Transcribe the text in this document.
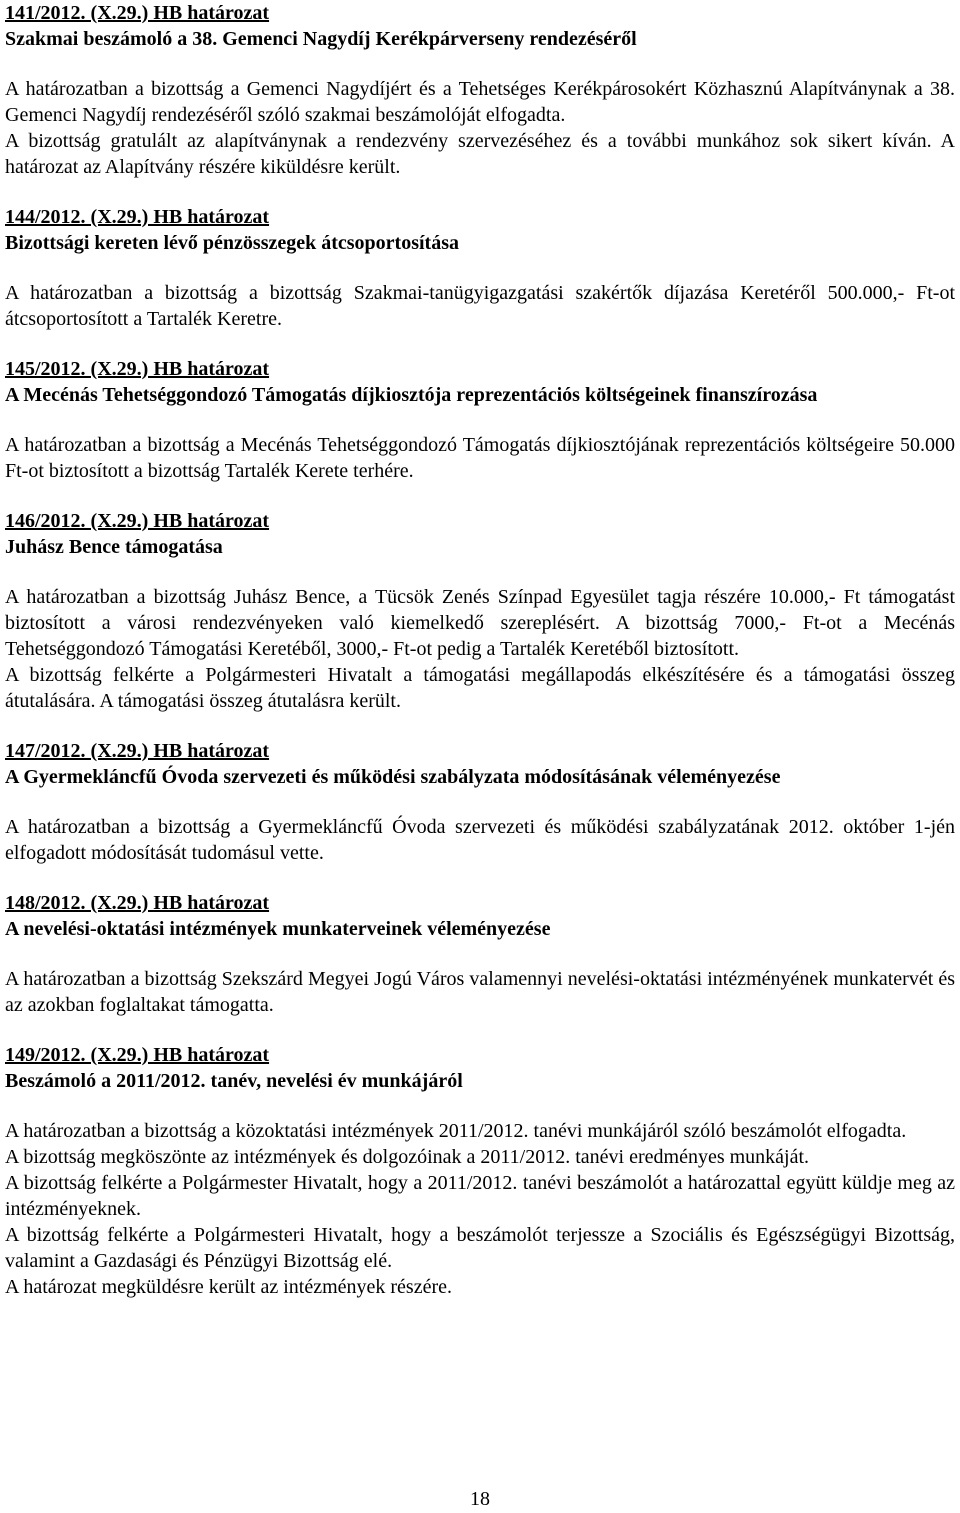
141/2012. (X.29.) HB határozat

Szakmai beszámoló a 38. Gemenci Nagydíj Kerékpárverseny rendezéséről

A határozatban a bizottság a Gemenci Nagydíjért és a Tehetséges Kerékpárosokért Közhasznú Alapítványnak a 38. Gemenci Nagydíj rendezéséről szóló szakmai beszámolóját elfogadta.

A bizottság gratulált az alapítványnak a rendezvény szervezéséhez és a további munkához sok sikert kíván. A határozat az Alapítvány részére kiküldésre került.

144/2012. (X.29.) HB határozat

Bizottsági kereten lévő pénzösszegek átcsoportosítása

A határozatban a bizottság a bizottság Szakmai-tanügyigazgatási szakértők díjazása Keretéről 500.000,- Ft-ot átcsoportosított a Tartalék Keretre.

145/2012. (X.29.) HB határozat

A Mecénás Tehetséggondozó Támogatás díjkiosztója reprezentációs költségeinek finanszírozása

A határozatban a bizottság a Mecénás Tehetséggondozó Támogatás díjkiosztójának reprezentációs költségeire 50.000 Ft-ot biztosított a bizottság Tartalék Kerete terhére.

146/2012. (X.29.) HB határozat

Juhász Bence támogatása

A határozatban a bizottság Juhász Bence, a Tücsök Zenés Színpad Egyesület tagja részére 10.000,- Ft támogatást biztosított a városi rendezvényeken való kiemelkedő szereplésért. A bizottság 7000,- Ft-ot a Mecénás Tehetséggondozó Támogatási Keretéből, 3000,- Ft-ot pedig a Tartalék Keretéből biztosított.

A bizottság felkérte a Polgármesteri Hivatalt a támogatási megállapodás elkészítésére és a támogatási összeg átutalására. A támogatási összeg átutalásra került.

147/2012. (X.29.) HB határozat

A Gyermekláncfű Óvoda szervezeti és működési szabályzata módosításának véleményezése

A határozatban a bizottság a Gyermekláncfű Óvoda szervezeti és működési szabályzatának 2012. október 1-jén elfogadott módosítását tudomásul vette.

148/2012. (X.29.) HB határozat

A nevelési-oktatási intézmények munkaterveinek véleményezése

A határozatban a bizottság Szekszárd Megyei Jogú Város valamennyi nevelési-oktatási intézményének munkatervét és az azokban foglaltakat támogatta.

149/2012. (X.29.) HB határozat

Beszámoló a 2011/2012. tanév, nevelési év munkájáról

A határozatban a bizottság a közoktatási intézmények 2011/2012. tanévi munkájáról szóló beszámolót elfogadta.

A bizottság megköszönte az intézmények és dolgozóinak a 2011/2012. tanévi eredményes munkáját.

A bizottság felkérte a Polgármester Hivatalt, hogy a 2011/2012. tanévi beszámolót a határozattal együtt küldje meg az intézményeknek.

A bizottság felkérte a Polgármesteri Hivatalt, hogy a beszámolót terjessze a Szociális és Egészségügyi Bizottság, valamint a Gazdasági és Pénzügyi Bizottság elé.

A határozat megküldésre került az intézmények részére.

18
